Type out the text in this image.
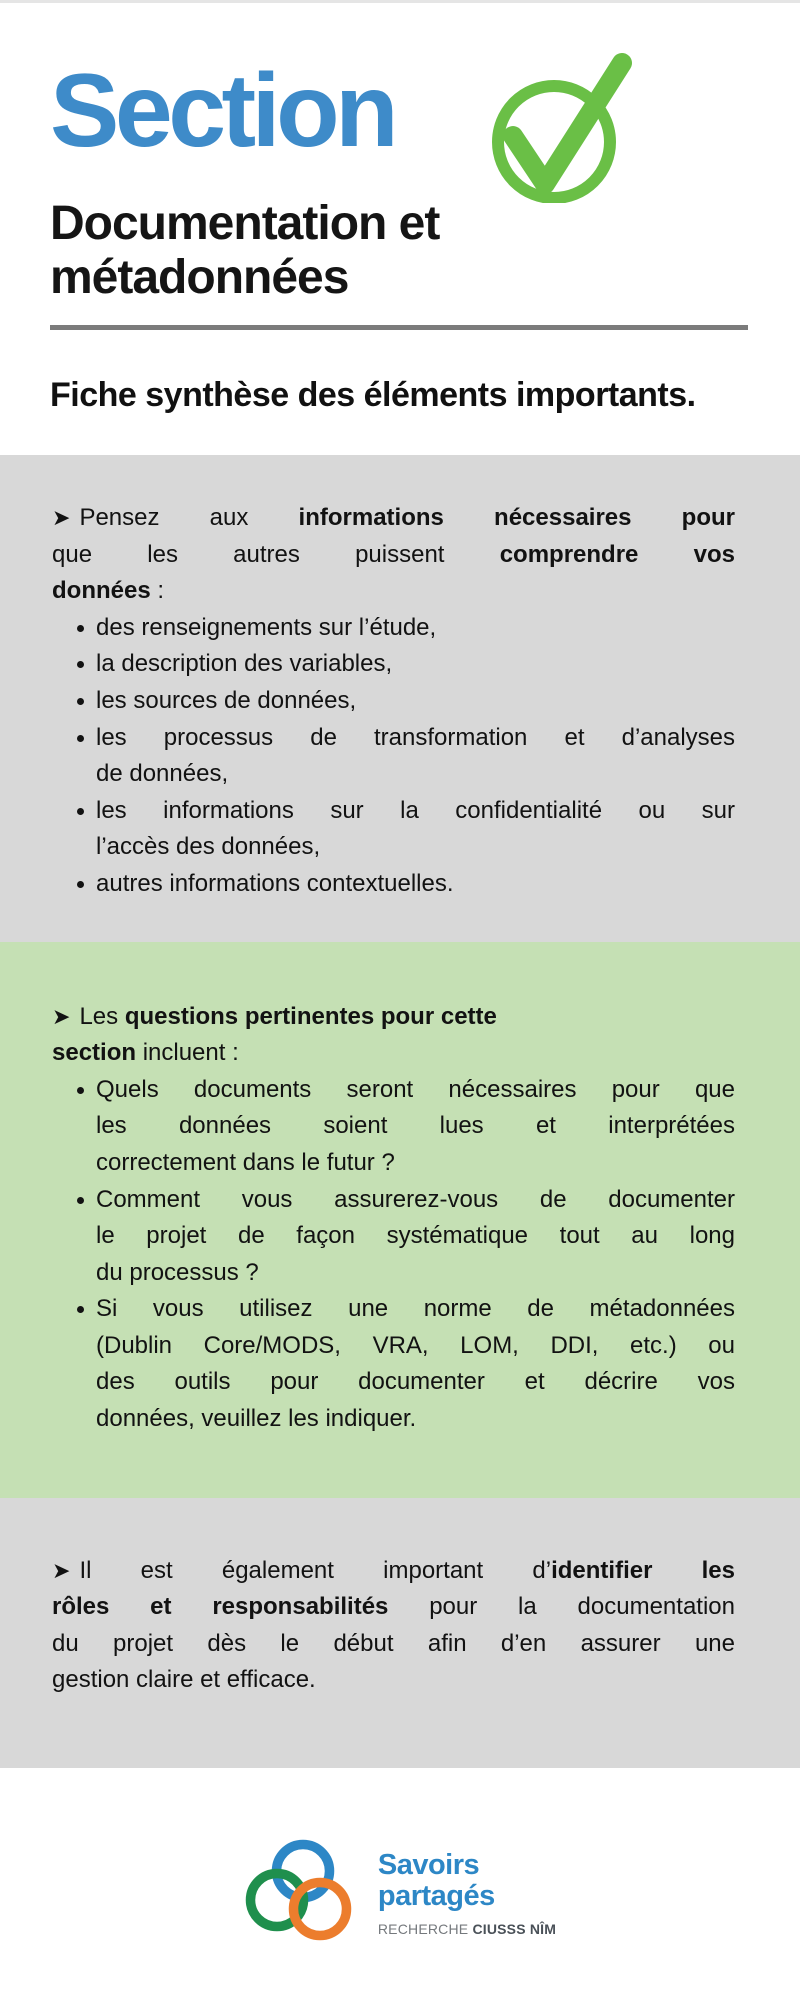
Section
Documentation et métadonnées
Fiche synthèse des éléments importants.
➤ Pensez aux informations nécessaires pour
que les autres puissent comprendre vos
données :
des renseignements sur l’étude,
la description des variables,
les sources de données,
les processus de transformation et d’analyses
de données,
les informations sur la confidentialité ou sur
l’accès des données,
autres informations contextuelles.
➤ Les questions pertinentes pour cette
section incluent :
Quels documents seront nécessaires pour que
les données soient lues et interprétées
correctement dans le futur ?
Comment vous assurerez-vous de documenter
le projet de façon systématique tout au long
du processus ?
Si vous utilisez une norme de métadonnées
(Dublin Core/MODS, VRA, LOM, DDI, etc.) ou
des outils pour documenter et décrire vos
données, veuillez les indiquer.
➤ Il est également important d’identifier les
rôles et responsabilités pour la documentation
du projet dès le début afin d’en assurer une
gestion claire et efficace.
Savoirs
partagés
RECHERCHE CIUSSS NÎM
